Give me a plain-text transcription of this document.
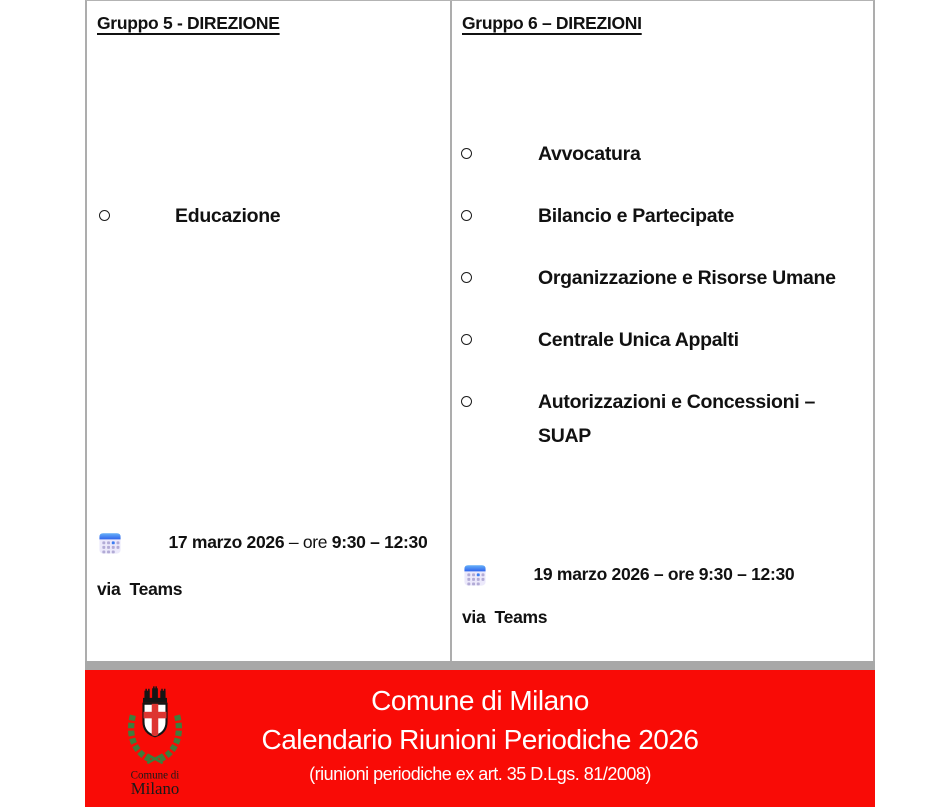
Gruppo 5 - DIREZIONE
Educazione

17 marzo 2026 – ore 9:30 – 12:30

via  Teams
Gruppo 6 – DIREZIONI
Avvocatura
Bilancio e Partecipate
Organizzazione e Risorse Umane
Centrale Unica Appalti
Autorizzazioni e Concessioni – SUAP

19 marzo 2026 – ore 9:30 – 12:30

via  Teams
Comune di
Milano
Comune di Milano
Calendario Riunioni Periodiche 2026
(riunioni periodiche ex art. 35 D.Lgs. 81/2008)
